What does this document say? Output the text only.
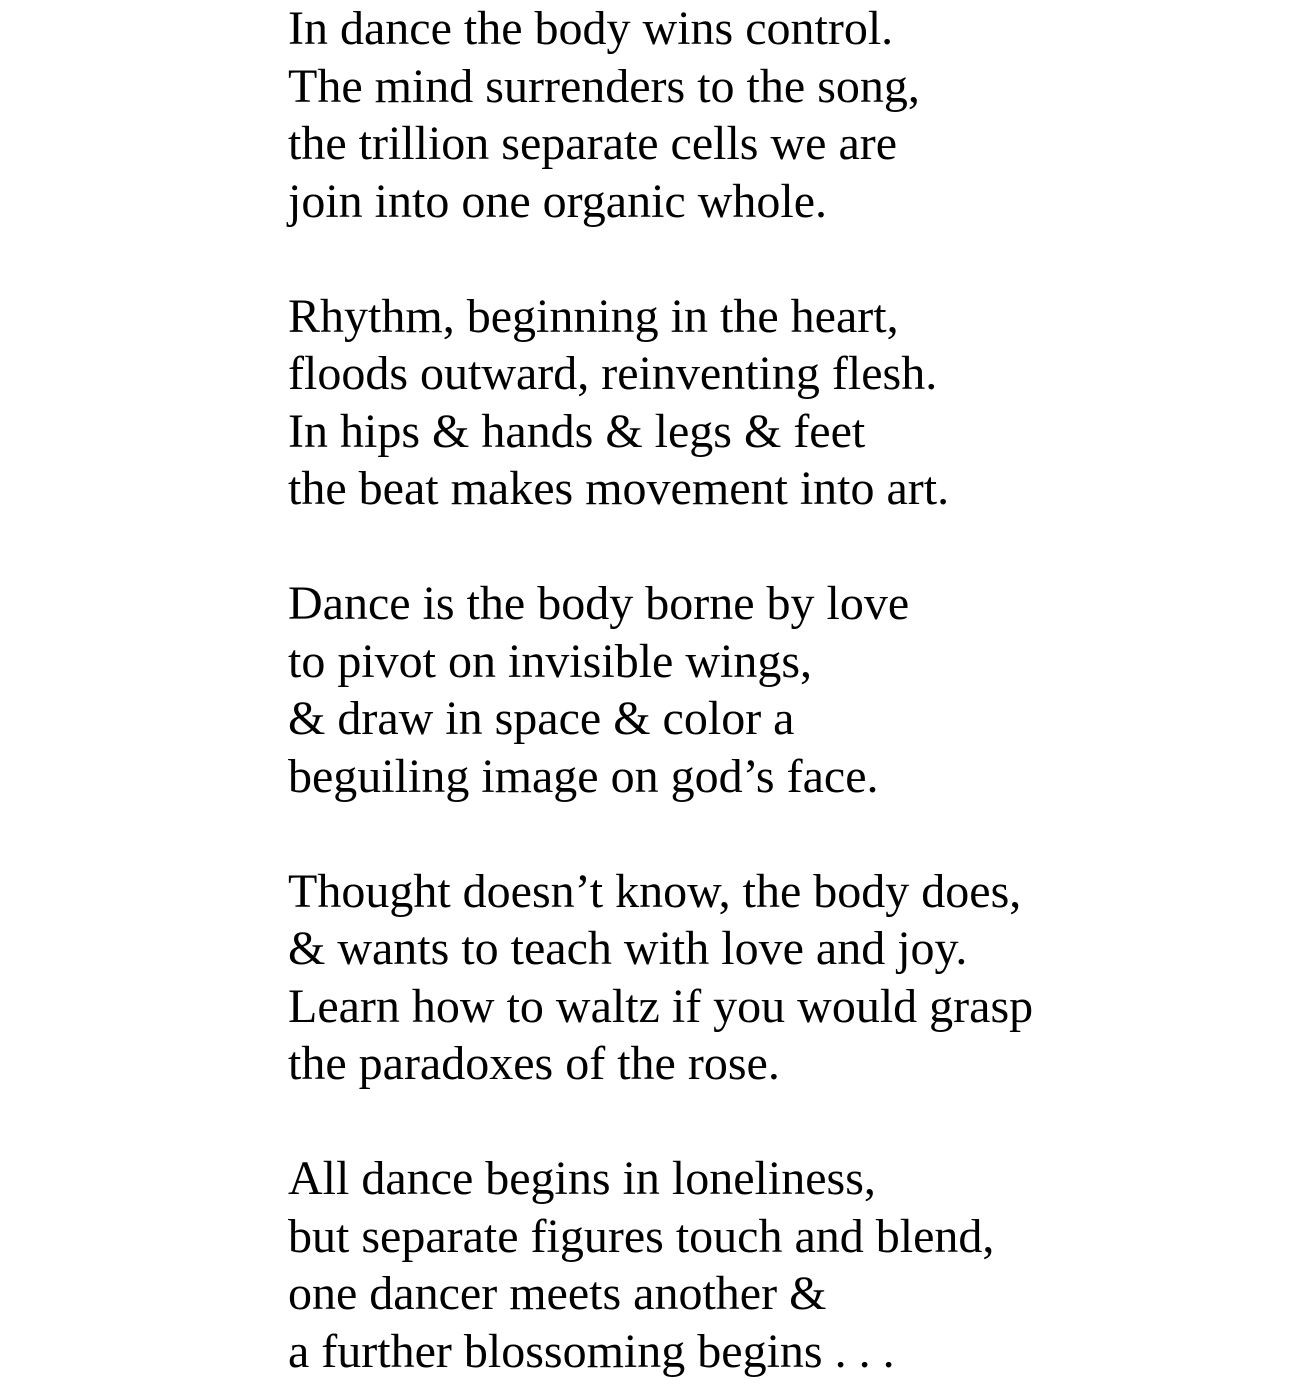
In dance the body wins control.
The mind surrenders to the song,
the trillion separate cells we are
join into one organic whole.
Rhythm, beginning in the heart,
floods outward, reinventing flesh.
In hips & hands & legs & feet
the beat makes movement into art.
Dance is the body borne by love
to pivot on invisible wings,
& draw in space & color a
beguiling image on god’s face.
Thought doesn’t know, the body does,
& wants to teach with love and joy.
Learn how to waltz if you would grasp
the paradoxes of the rose.
All dance begins in loneliness,
but separate figures touch and blend,
one dancer meets another &
a further blossoming begins . . .
